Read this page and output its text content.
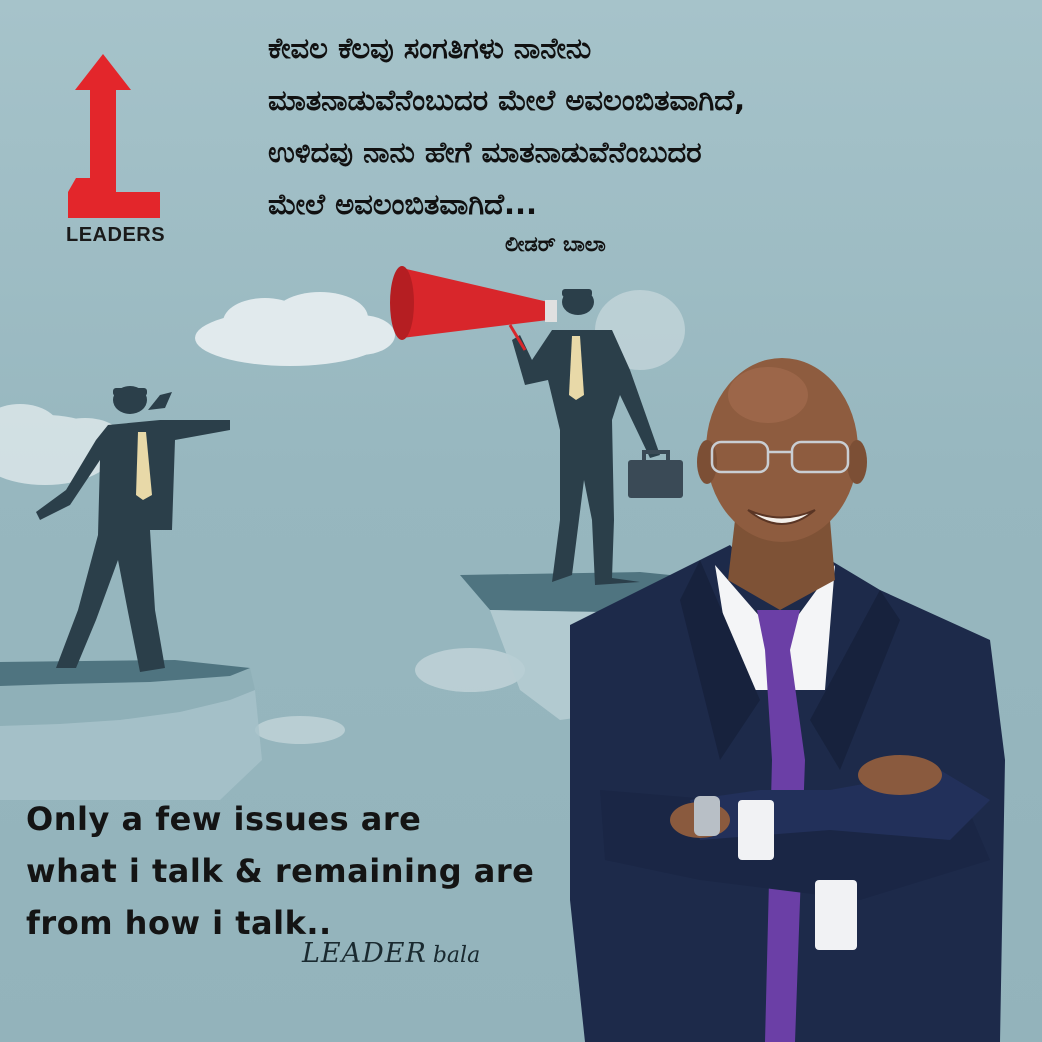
LEADERS
ಕೇವಲ ಕೆಲವು ಸಂಗತಿಗಳು ನಾನೇನು
ಮಾತನಾಡುವೆನೆಂಬುದರ ಮೇಲೆ ಅವಲಂಬಿತವಾಗಿದೆ,
ಉಳಿದವು ನಾನು ಹೇಗೆ ಮಾತನಾಡುವೆನೆಂಬುದರ
ಮೇಲೆ ಅವಲಂಬಿತವಾಗಿದೆ...
ಲೀಡರ್ ಬಾಲಾ
Only a few issues are
what i talk & remaining are
from how i talk..
LEADER bala
